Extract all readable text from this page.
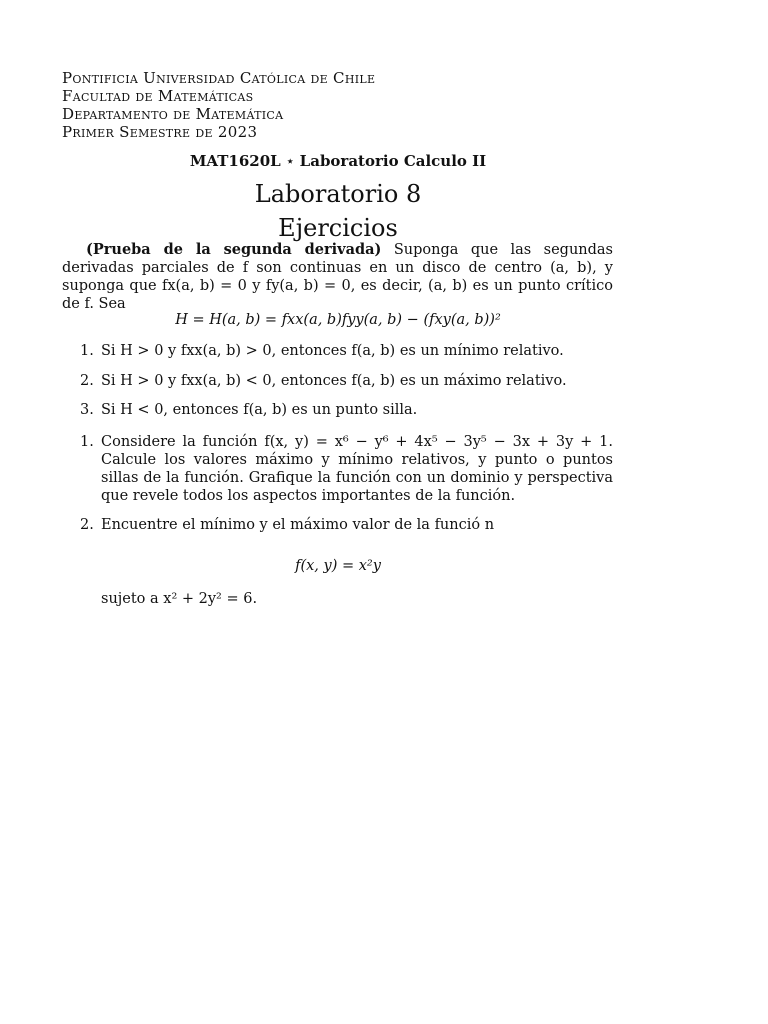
Pontificia Universidad Católica de Chile
Facultad de Matemáticas
Departamento de Matemática
Primer Semestre de 2023
MAT1620L ⋆ Laboratorio Calculo II
Laboratorio 8
Ejercicios
(Prueba de la segunda derivada) Suponga que las segundas derivadas parciales de f son continuas en un disco de centro (a, b), y suponga que fx(a, b) = 0 y fy(a, b) = 0, es decir, (a, b) es un punto crítico de f. Sea
H = H(a, b) = fxx(a, b)fyy(a, b) − (fxy(a, b))²
1. Si H > 0 y fxx(a, b) > 0, entonces f(a, b) es un mínimo relativo.
2. Si H > 0 y fxx(a, b) < 0, entonces f(a, b) es un máximo relativo.
3. Si H < 0, entonces f(a, b) es un punto silla.
1. Considere la función f(x, y) = x⁶ − y⁶ + 4x⁵ − 3y⁵ − 3x + 3y + 1. Calcule los valores máximo y mínimo relativos, y punto o puntos sillas de la función. Grafique la función con un dominio y perspectiva que revele todos los aspectos importantes de la función.
2. Encuentre el mínimo y el máximo valor de la funció n
f(x, y) = x²y
sujeto a x² + 2y² = 6.
